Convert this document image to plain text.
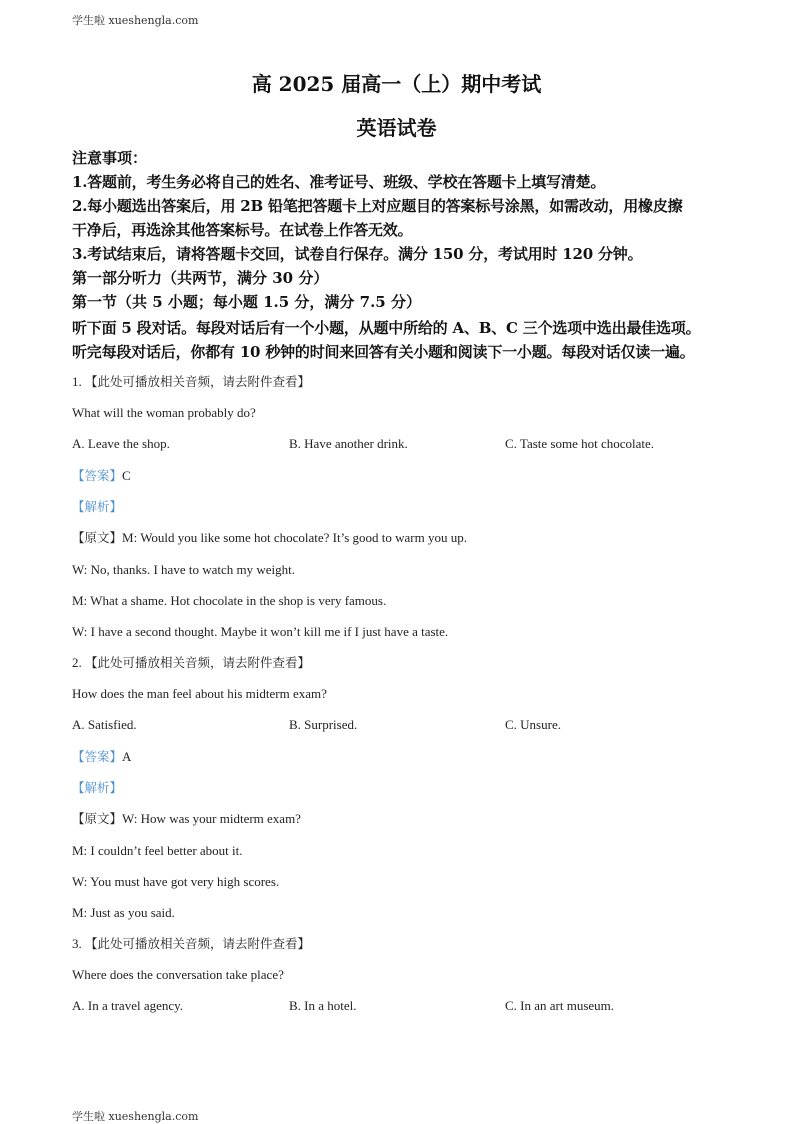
学生啦 xueshengla.com
高 2025 届高一（上）期中考试
英语试卷
注意事项：
1.答题前，考生务必将自己的姓名、准考证号、班级、学校在答题卡上填写清楚。
2.每小题选出答案后，用 2B 铅笔把答题卡上对应题目的答案标号涂黑，如需改动，用橡皮擦
干净后，再选涂其他答案标号。在试卷上作答无效。
3.考试结束后，请将答题卡交回，试卷自行保存。满分 150 分，考试用时 120 分钟。
第一部分听力（共两节，满分 30 分）
第一节（共 5 小题；每小题 1.5 分，满分 7.5 分）
听下面 5 段对话。每段对话后有一个小题，从题中所给的 A、B、C 三个选项中选出最佳选项。
听完每段对话后，你都有 10 秒钟的时间来回答有关小题和阅读下一小题。每段对话仅读一遍。
1. 【此处可播放相关音频，请去附件查看】
What will the woman probably do?
A. Leave the shop.	B. Have another drink.	C. Taste some hot chocolate.
【答案】C
【解析】
【原文】M: Would you like some hot chocolate? It’s good to warm you up.
W: No, thanks. I have to watch my weight.
M: What a shame. Hot chocolate in the shop is very famous.
W: I have a second thought. Maybe it won’t kill me if I just have a taste.
2. 【此处可播放相关音频，请去附件查看】
How does the man feel about his midterm exam?
A. Satisfied.	B. Surprised.	C. Unsure.
【答案】A
【解析】
【原文】W: How was your midterm exam?
M: I couldn’t feel better about it.
W: You must have got very high scores.
M: Just as you said.
3. 【此处可播放相关音频，请去附件查看】
Where does the conversation take place?
A. In a travel agency.	B. In a hotel.	C. In an art museum.
学生啦 xueshengla.com
